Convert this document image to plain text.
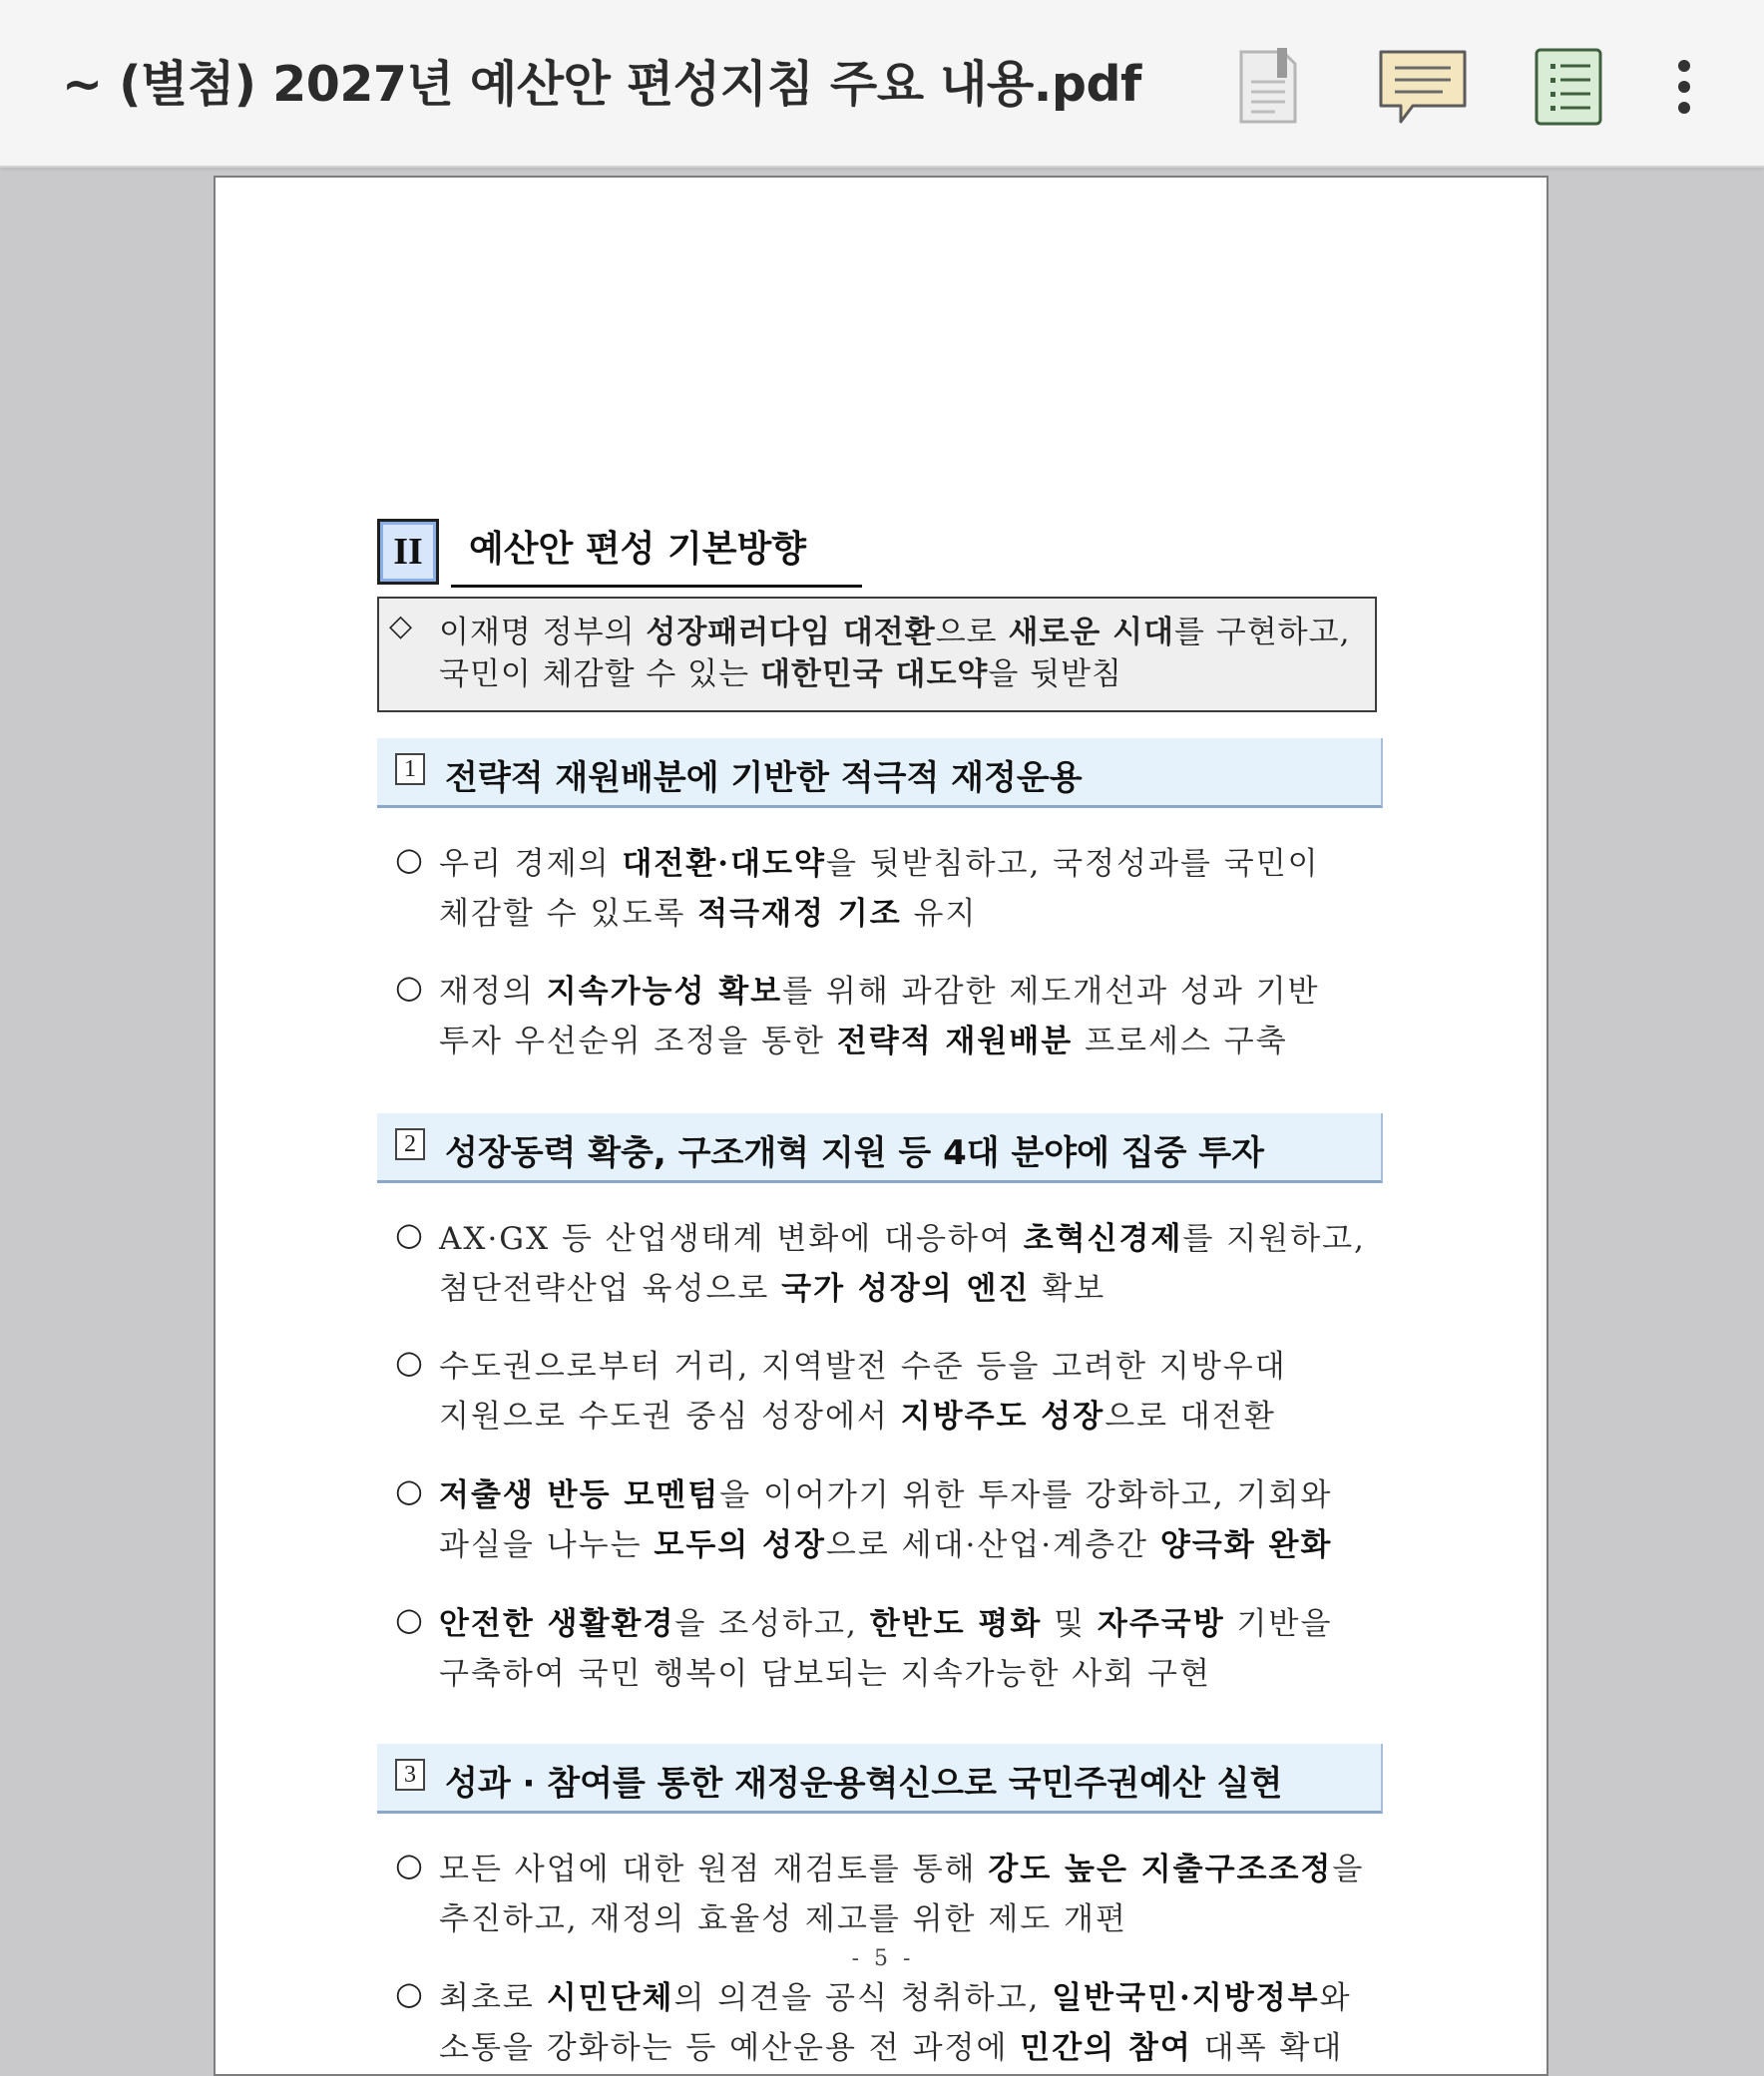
~ (별첨) 2027년 예산안 편성지침 주요 내용.pdf
II	예산안 편성 기본방향
◇ 이재명 정부의 성장패러다임 대전환으로 새로운 시대를 구현하고,
국민이 체감할 수 있는 대한민국 대도약을 뒷받침
1 전략적 재원배분에 기반한 적극적 재정운용
○ 우리 경제의 대전환·대도약을 뒷받침하고, 국정성과를 국민이
체감할 수 있도록 적극재정 기조 유지
○ 재정의 지속가능성 확보를 위해 과감한 제도개선과 성과 기반
투자 우선순위 조정을 통한 전략적 재원배분 프로세스 구축
2 성장동력 확충, 구조개혁 지원 등 4대 분야에 집중 투자
○ AX·GX 등 산업생태계 변화에 대응하여 초혁신경제를 지원하고,
첨단전략산업 육성으로 국가 성장의 엔진 확보
○ 수도권으로부터 거리, 지역발전 수준 등을 고려한 지방우대
지원으로 수도권 중심 성장에서 지방주도 성장으로 대전환
○ 저출생 반등 모멘텀을 이어가기 위한 투자를 강화하고, 기회와
과실을 나누는 모두의 성장으로 세대·산업·계층간 양극화 완화
○ 안전한 생활환경을 조성하고, 한반도 평화 및 자주국방 기반을
구축하여 국민 행복이 담보되는 지속가능한 사회 구현
3 성과 · 참여를 통한 재정운용혁신으로 국민주권예산 실현
○ 모든 사업에 대한 원점 재검토를 통해 강도 높은 지출구조조정을
추진하고, 재정의 효율성 제고를 위한 제도 개편
○ 최초로 시민단체의 의견을 공식 청취하고, 일반국민·지방정부와
소통을 강화하는 등 예산운용 전 과정에 민간의 참여 대폭 확대
- 5 -
